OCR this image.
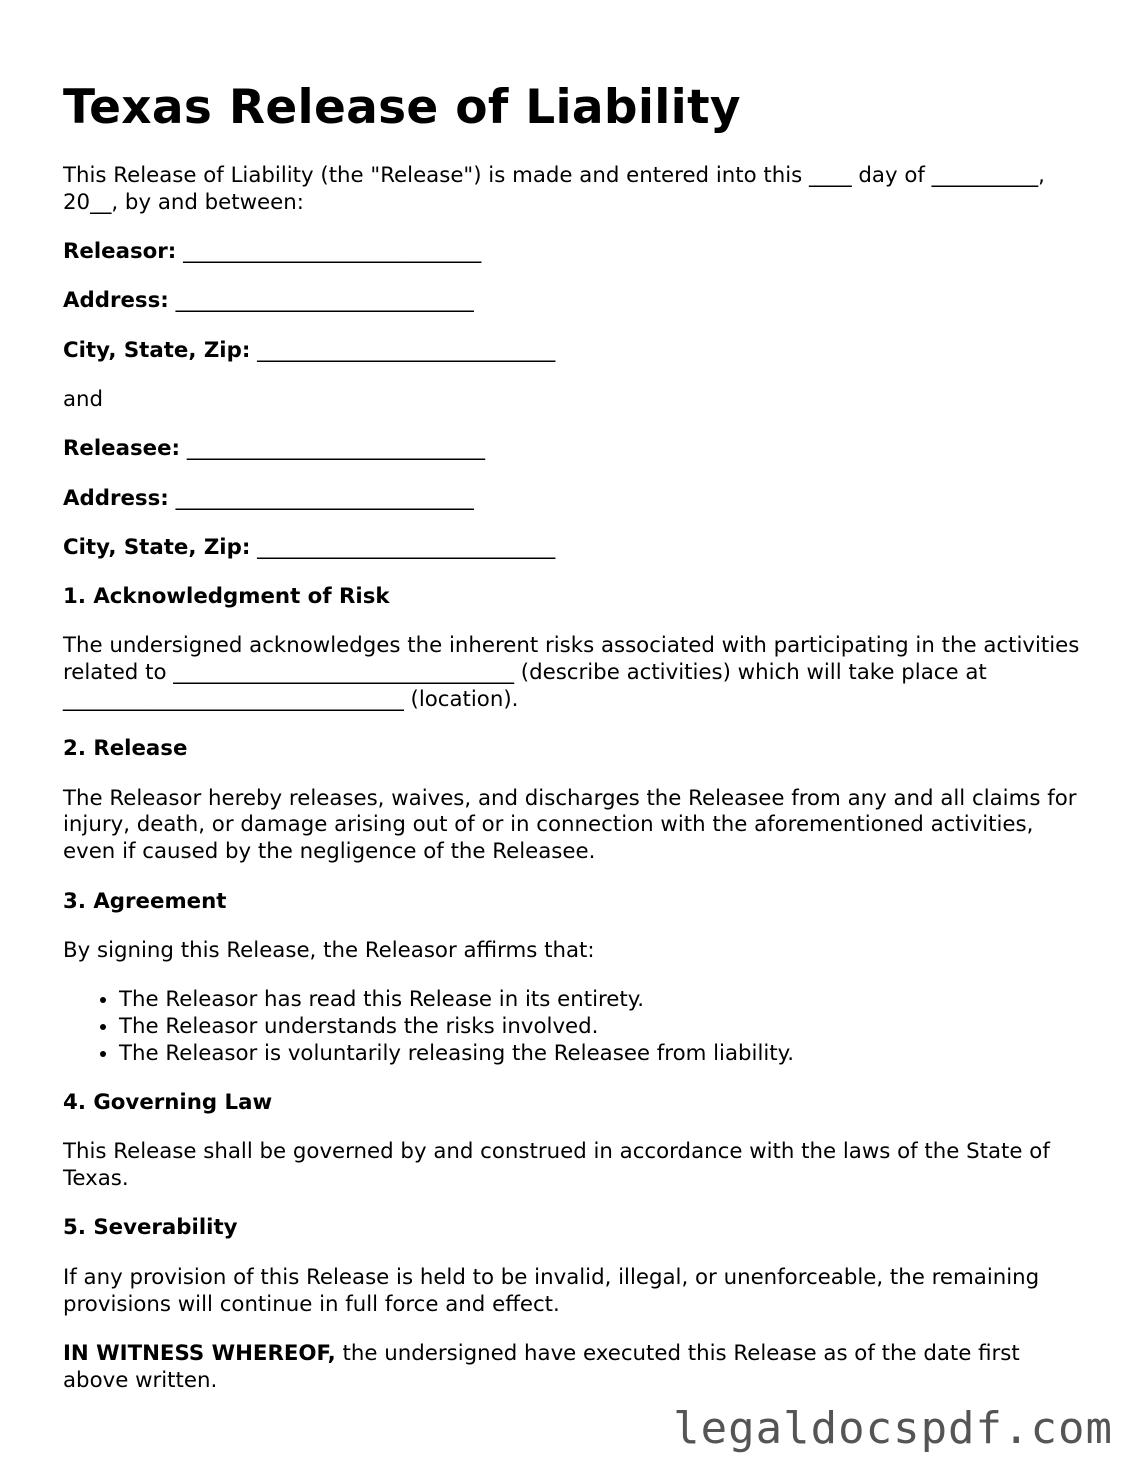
Texas Release of Liability

This Release of Liability (the "Release") is made and entered into this ____ day of __________, 20__, by and between:

Releasor: ____________________________
Address: ____________________________
City, State, Zip: ____________________________

and

Releasee: ____________________________
Address: ____________________________
City, State, Zip: ____________________________
1. Acknowledgment of Risk

The undersigned acknowledges the inherent risks associated with participating in the activities related to ________________________________ (describe activities) which will take place at ________________________________ (location).

2. Release

The Releasor hereby releases, waives, and discharges the Releasee from any and all claims for injury, death, or damage arising out of or in connection with the aforementioned activities, even if caused by the negligence of the Releasee.

3. Agreement

By signing this Release, the Releasor affirms that:

• The Releasor has read this Release in its entirety.
• The Releasor understands the risks involved.
• The Releasor is voluntarily releasing the Releasee from liability.
4. Governing Law

This Release shall be governed by and construed in accordance with the laws of the State of Texas.

5. Severability

If any provision of this Release is held to be invalid, illegal, or unenforceable, the remaining provisions will continue in full force and effect.

IN WITNESS WHEREOF, the undersigned have executed this Release as of the date first above written.

legaldocspdf.com
